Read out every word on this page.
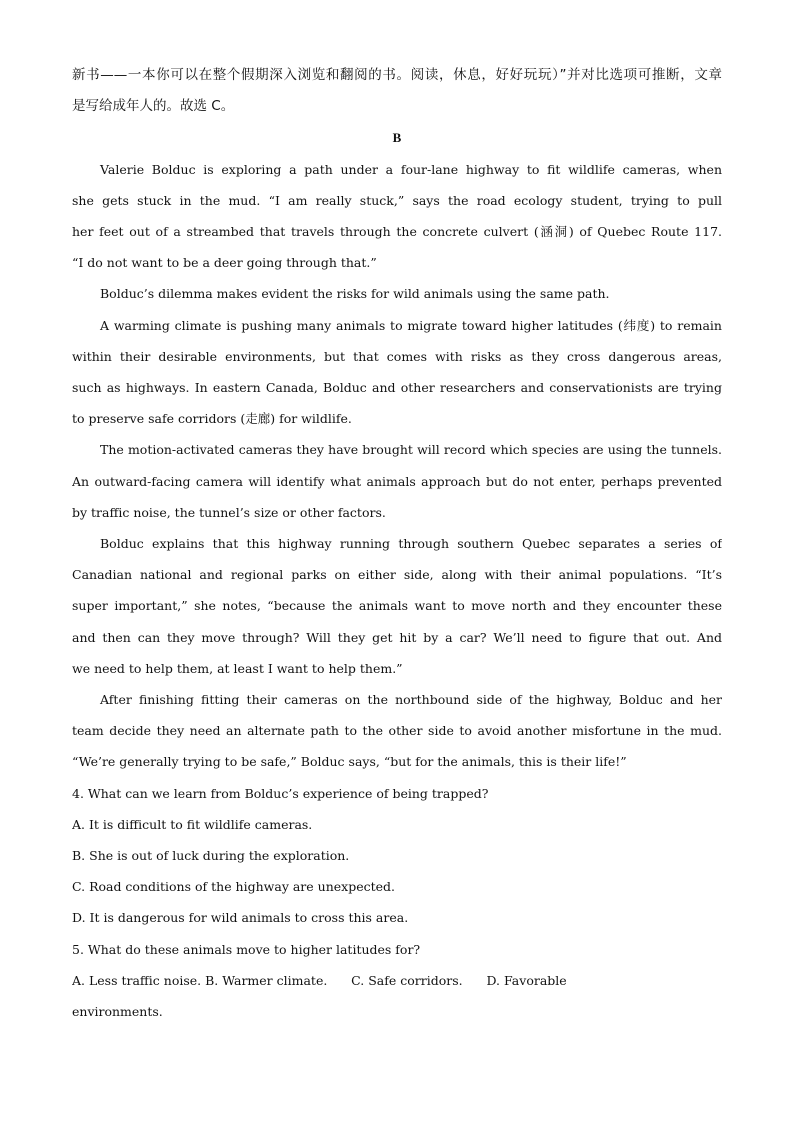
新书——一本你可以在整个假期深入浏览和翻阅的书。阅读，休息，好好玩玩）”并对比选项可推断，文章
是写给成年人的。故选 C。
B
Valerie Bolduc is exploring a path under a four-lane highway to fit wildlife cameras, when
she gets stuck in the mud. “I am really stuck,” says the road ecology student, trying to pull
her feet out of a streambed that travels through the concrete culvert (涵洞) of Quebec Route 117.
“I do not want to be a deer going through that.”
Bolduc’s dilemma makes evident the risks for wild animals using the same path.
A warming climate is pushing many animals to migrate toward higher latitudes (纬度) to remain
within their desirable environments, but that comes with risks as they cross dangerous areas,
such as highways. In eastern Canada, Bolduc and other researchers and conservationists are trying
to preserve safe corridors (走廊) for wildlife.
The motion-activated cameras they have brought will record which species are using the tunnels.
An outward-facing camera will identify what animals approach but do not enter, perhaps prevented
by traffic noise, the tunnel’s size or other factors.
Bolduc explains that this highway running through southern Quebec separates a series of
Canadian national and regional parks on either side, along with their animal populations. “It’s
super important,” she notes, “because the animals want to move north and they encounter these
and then can they move through? Will they get hit by a car? We’ll need to figure that out. And
we need to help them, at least I want to help them.”
After finishing fitting their cameras on the northbound side of the highway, Bolduc and her
team decide they need an alternate path to the other side to avoid another misfortune in the mud.
“We’re generally trying to be safe,” Bolduc says, “but for the animals, this is their life!”
4. What can we learn from Bolduc’s experience of being trapped?
A. It is difficult to fit wildlife cameras.
B. She is out of luck during the exploration.
C. Road conditions of the highway are unexpected.
D. It is dangerous for wild animals to cross this area.
5. What do these animals move to higher latitudes for?
A. Less traffic noise. B. Warmer climate.      C. Safe corridors.      D. Favorable
environments.
